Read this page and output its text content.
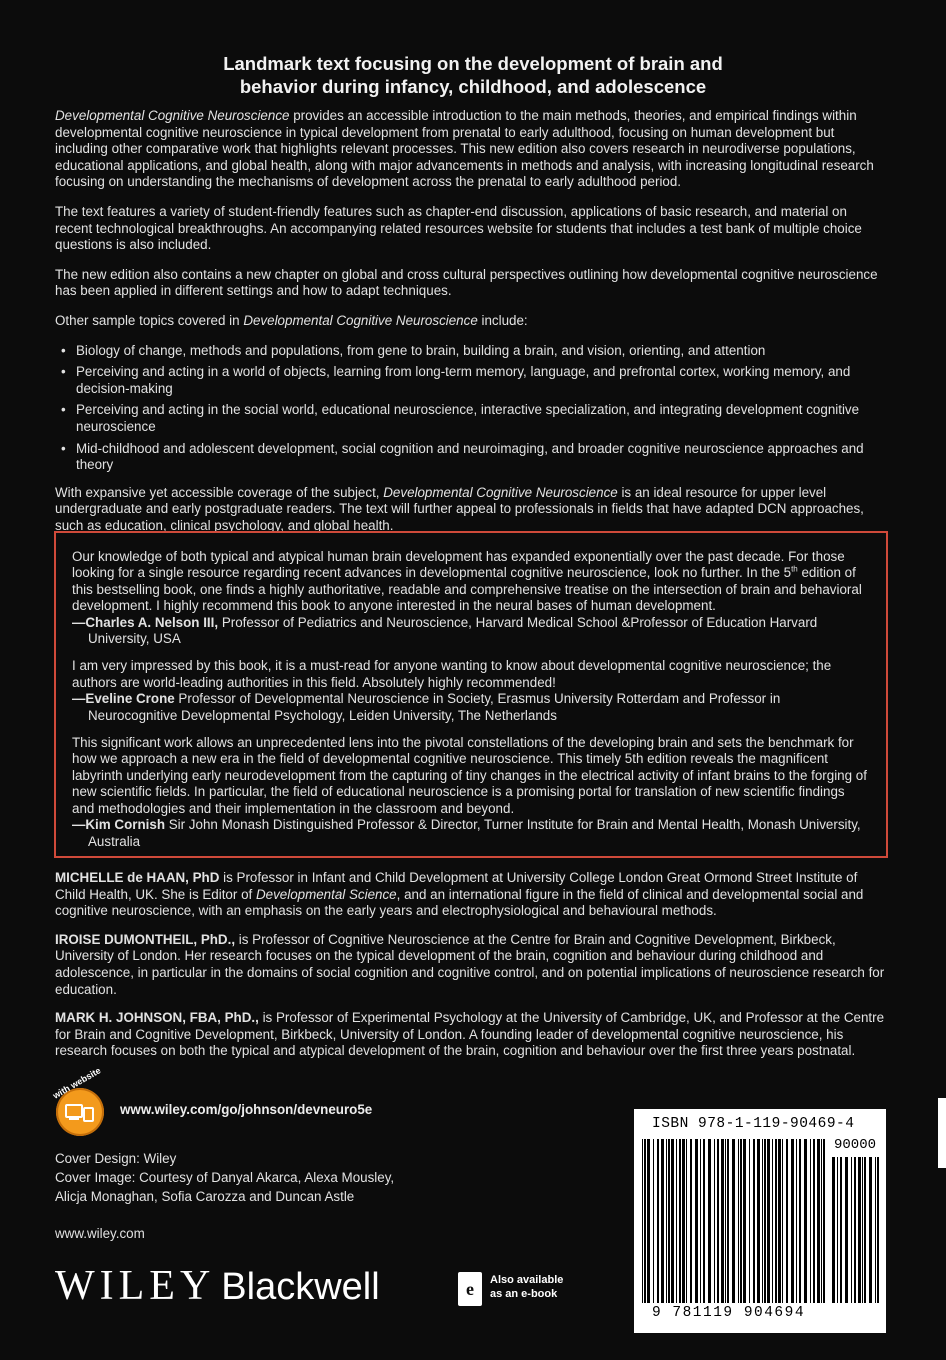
Landmark text focusing on the development of brain and
behavior during infancy, childhood, and adolescence

Developmental Cognitive Neuroscience provides an accessible introduction to the main methods, theories, and empirical findings within developmental cognitive neuroscience in typical development from prenatal to early adulthood, focusing on human development but including other comparative work that highlights relevant processes. This new edition also covers research in neurodiverse populations, educational applications, and global health, along with major advancements in methods and analysis, with increasing longitudinal research focusing on understanding the mechanisms of development across the prenatal to early adulthood period.

The text features a variety of student-friendly features such as chapter-end discussion, applications of basic research, and material on recent technological breakthroughs. An accompanying related resources website for students that includes a test bank of multiple choice questions is also included.

The new edition also contains a new chapter on global and cross cultural perspectives outlining how developmental cognitive neuroscience has been applied in different settings and how to adapt techniques.

Other sample topics covered in Developmental Cognitive Neuroscience include:

• Biology of change, methods and populations, from gene to brain, building a brain, and vision, orienting, and attention
• Perceiving and acting in a world of objects, learning from long-term memory, language, and prefrontal cortex, working memory, and decision-making
• Perceiving and acting in the social world, educational neuroscience, interactive specialization, and integrating development cognitive neuroscience
• Mid-childhood and adolescent development, social cognition and neuroimaging, and broader cognitive neuroscience approaches and theory

With expansive yet accessible coverage of the subject, Developmental Cognitive Neuroscience is an ideal resource for upper level undergraduate and early postgraduate readers. The text will further appeal to professionals in fields that have adapted DCN approaches, such as education, clinical psychology, and global health.

Our knowledge of both typical and atypical human brain development has expanded exponentially over the past decade. For those looking for a single resource regarding recent advances in developmental cognitive neuroscience, look no further. In the 5th edition of this bestselling book, one finds a highly authoritative, readable and comprehensive treatise on the intersection of brain and behavioral development. I highly recommend this book to anyone interested in the neural bases of human development.

—Charles A. Nelson III, Professor of Pediatrics and Neuroscience, Harvard Medical School &Professor of Education Harvard University, USA

I am very impressed by this book, it is a must-read for anyone wanting to know about developmental cognitive neuroscience; the authors are world-leading authorities in this field. Absolutely highly recommended!

—Eveline Crone Professor of Developmental Neuroscience in Society, Erasmus University Rotterdam and Professor in Neurocognitive Developmental Psychology, Leiden University, The Netherlands

This significant work allows an unprecedented lens into the pivotal constellations of the developing brain and sets the benchmark for how we approach a new era in the field of developmental cognitive neuroscience. This timely 5th edition reveals the magnificent labyrinth underlying early neurodevelopment from the capturing of tiny changes in the electrical activity of infant brains to the forging of new scientific fields. In particular, the field of educational neuroscience is a promising portal for translation of new scientific findings and methodologies and their implementation in the classroom and beyond.

—Kim Cornish Sir John Monash Distinguished Professor & Director, Turner Institute for Brain and Mental Health, Monash University, Australia

MICHELLE de HAAN, PhD is Professor in Infant and Child Development at University College London Great Ormond Street Institute of Child Health, UK. She is Editor of Developmental Science, and an international figure in the field of clinical and developmental social and cognitive neuroscience, with an emphasis on the early years and electrophysiological and behavioural methods.

IROISE DUMONTHEIL, PhD., is Professor of Cognitive Neuroscience at the Centre for Brain and Cognitive Development, Birkbeck, University of London. Her research focuses on the typical development of the brain, cognition and behaviour during childhood and adolescence, in particular in the domains of social cognition and cognitive control, and on potential implications of neuroscience research for education.

MARK H. JOHNSON, FBA, PhD., is Professor of Experimental Psychology at the University of Cambridge, UK, and Professor at the Centre for Brain and Cognitive Development, Birkbeck, University of London. A founding leader of developmental cognitive neuroscience, his research focuses on both the typical and atypical development of the brain, cognition and behaviour over the first three years postnatal.

with website
www.wiley.com/go/johnson/devneuro5e
Cover Design: Wiley
Cover Image: Courtesy of Danyal Akarca, Alexa Mousley,
Alicja Monaghan, Sofia Carozza and Duncan Astle
www.wiley.com
WILEY Blackwell	e	Also available
as an e-book
ISBN 978-1-119-90469-4
90000
9 781119 904694
